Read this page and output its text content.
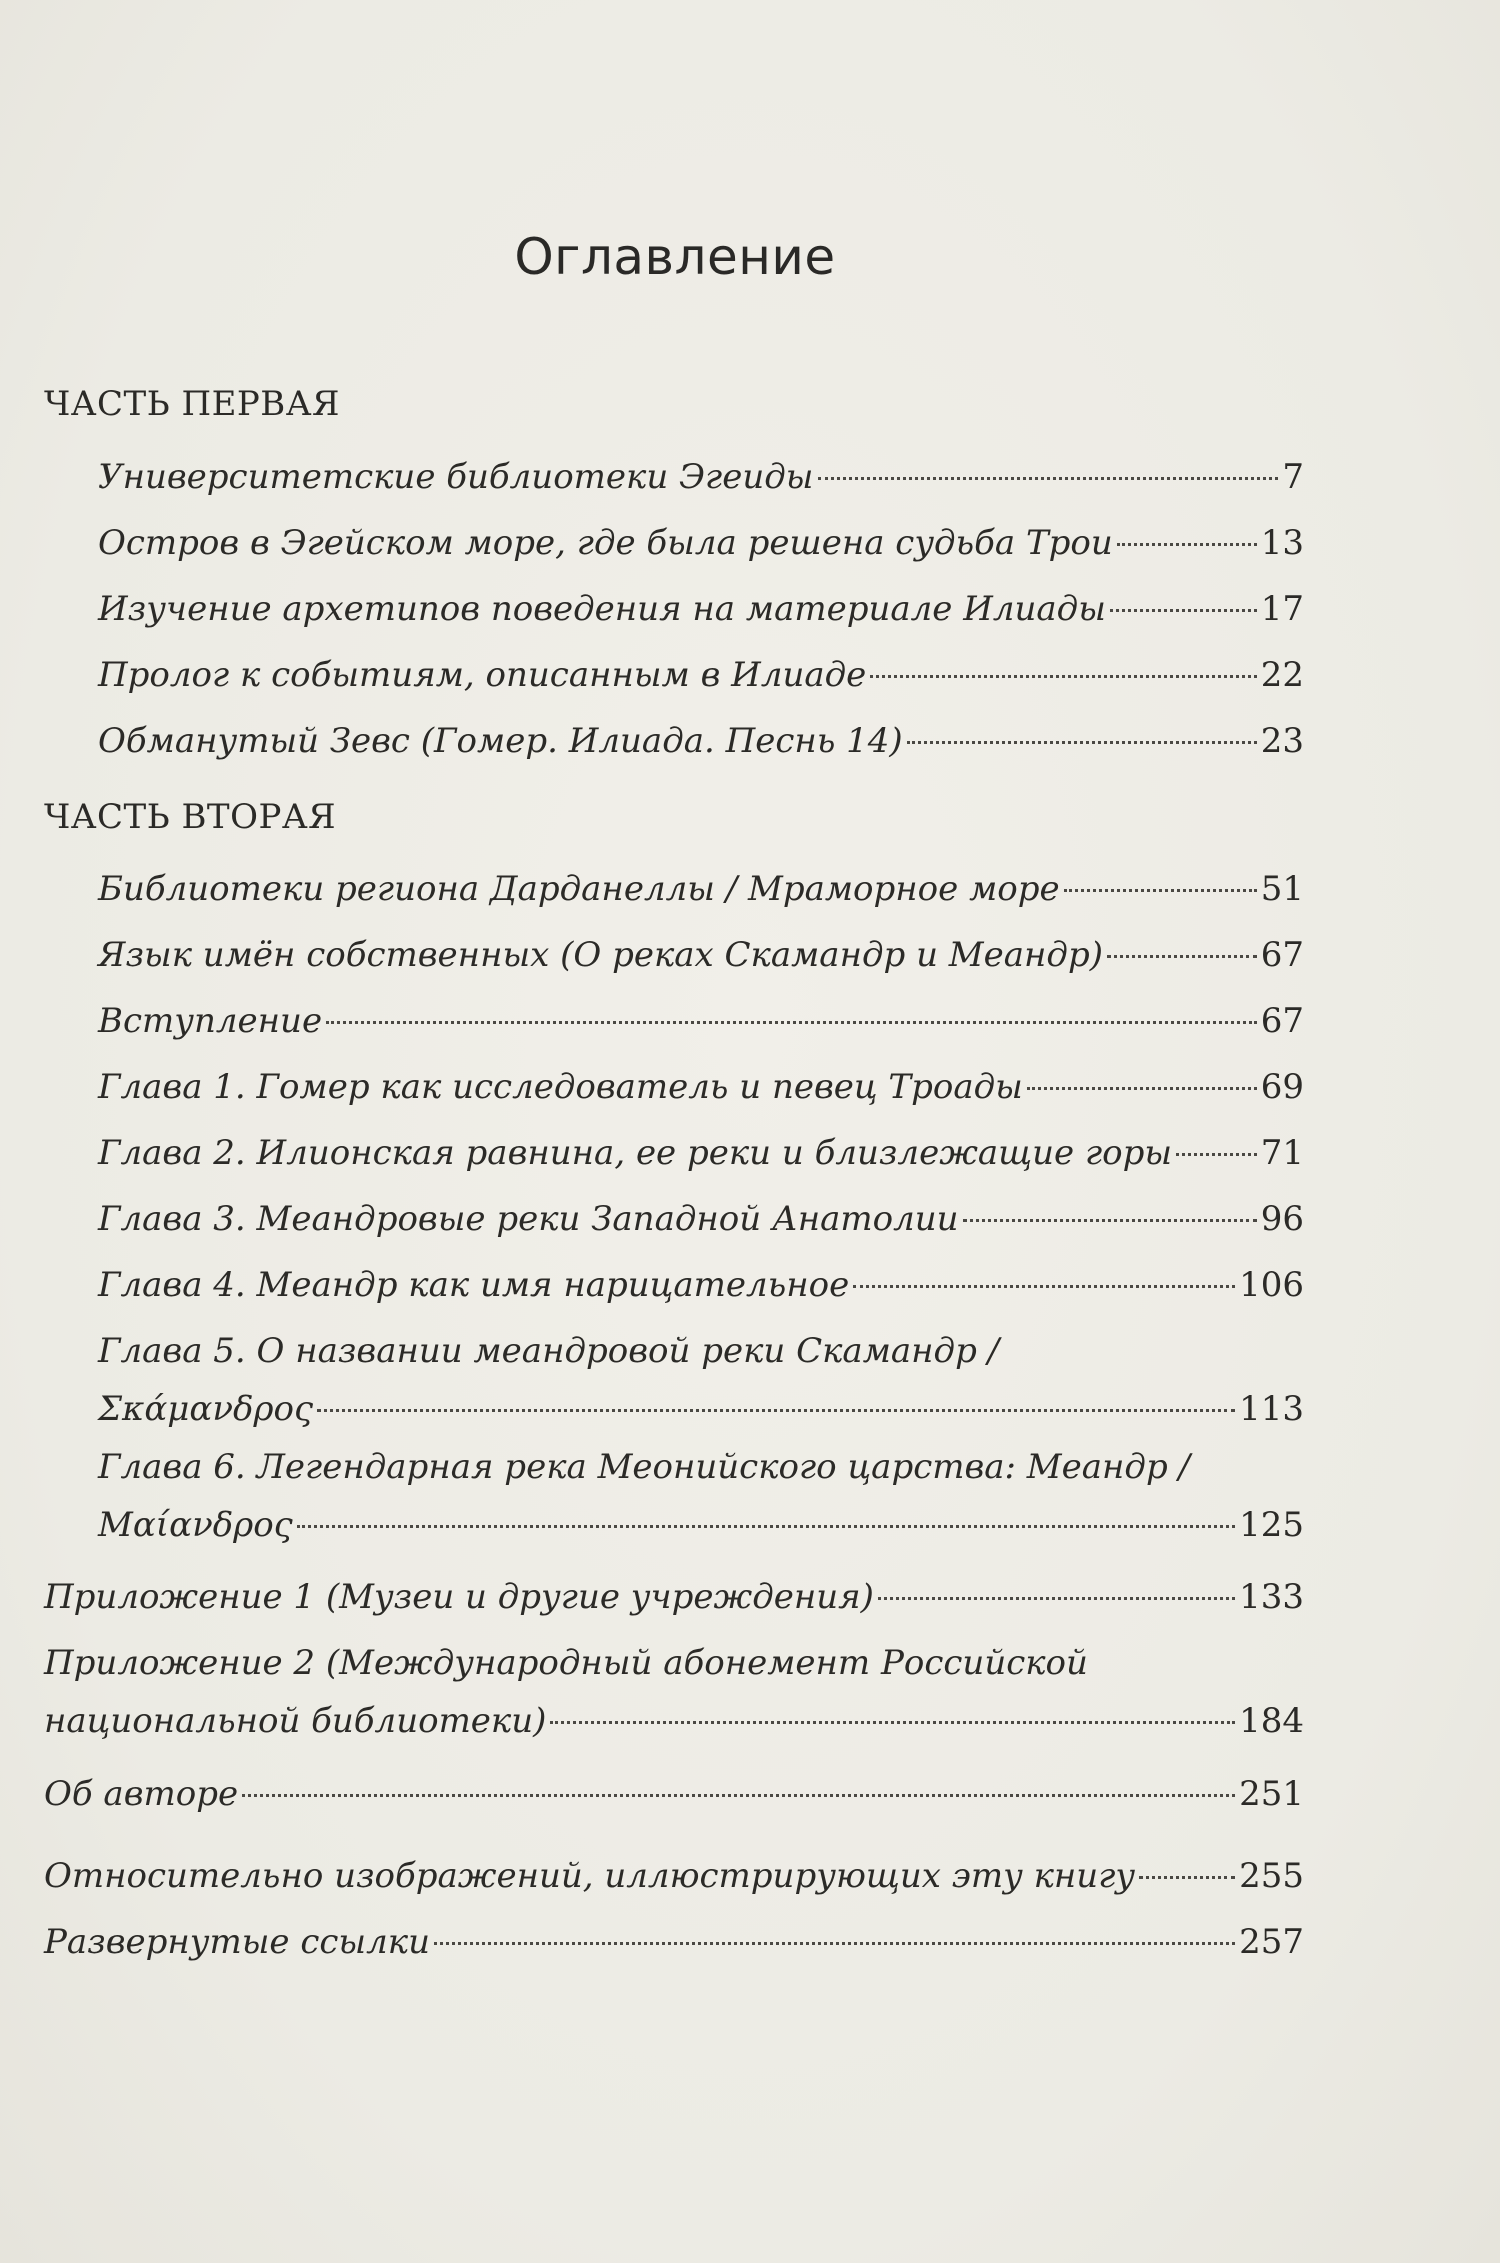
Оглавление
ЧАСТЬ ПЕРВАЯ
Университетские библиотеки Эгеиды	7
Остров в Эгейском море, где была решена судьба Трои	13
Изучение архетипов поведения на материале Илиады	17
Пролог к событиям, описанным в Илиаде	22
Обманутый Зевс (Гомер. Илиада. Песнь 14)	23
ЧАСТЬ ВТОРАЯ
Библиотеки региона Дарданеллы / Мраморное море	51
Язык имён собственных (О реках Скамандр и Меандр)	67
Вступление	67
Глава 1. Гомер как исследователь и певец Троады	69
Глава 2. Илионская равнина, ее реки и близлежащие горы	71
Глава 3. Меандровые реки Западной Анатолии	96
Глава 4. Меандр как имя нарицательное	106
Глава 5. О названии меандровой реки Скамандр /
Σκάμανδρος	113
Глава 6. Легендарная река Меонийского царства: Меандр /
Μαίανδρος	125
Приложение 1 (Музеи и другие учреждения)	133
Приложение 2 (Международный абонемент Российской
национальной библиотеки)	184
Об авторе	251
Относительно изображений, иллюстрирующих эту книгу	255
Развернутые ссылки	257
